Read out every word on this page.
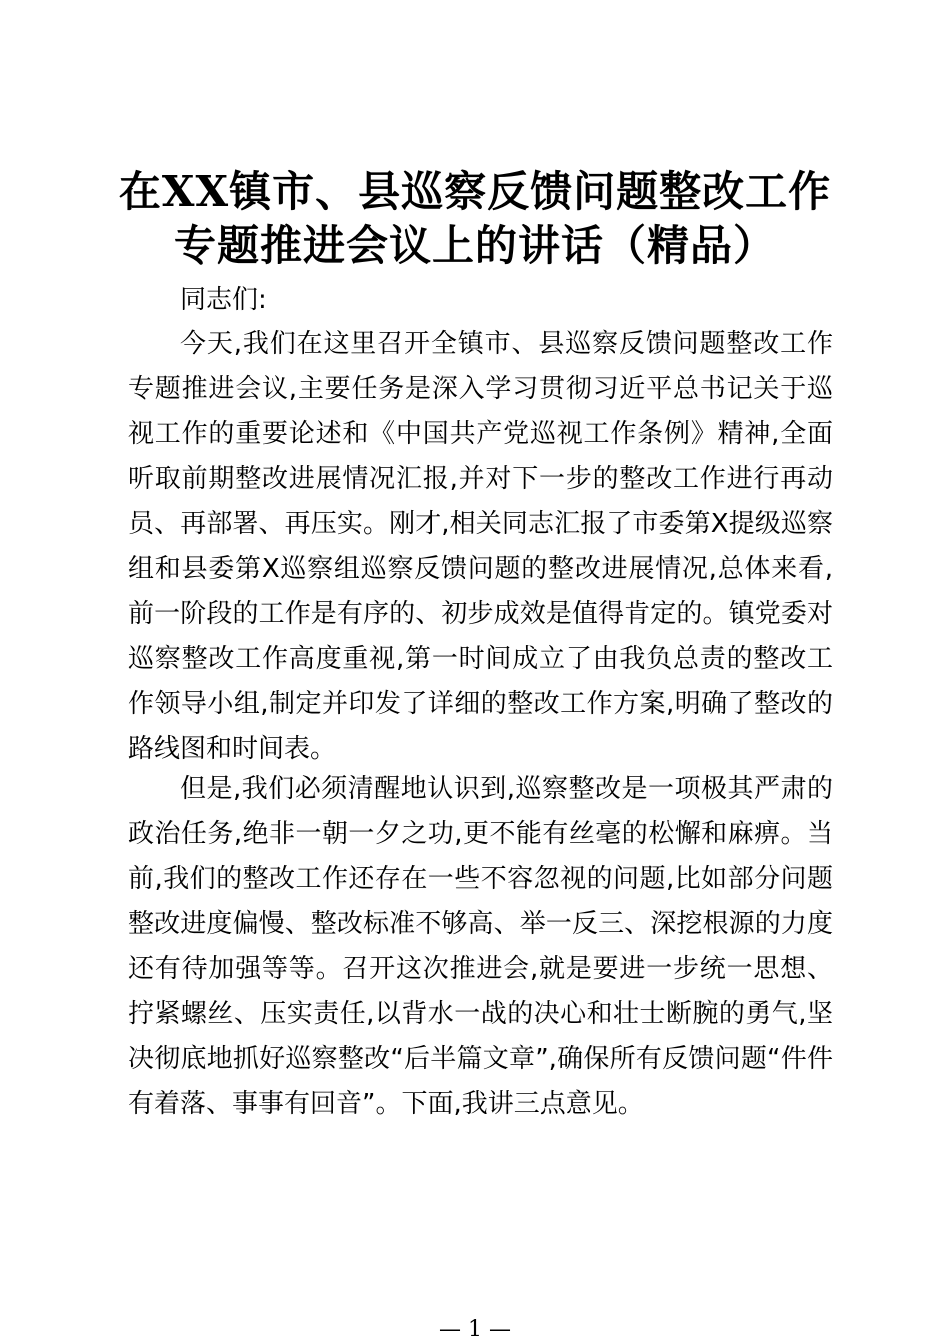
在XX镇市、县巡察反馈问题整改工作
专题推进会议上的讲话（精品）

同志们:

今天,我们在这里召开全镇市、县巡察反馈问题整改工作专题推进会议,主要任务是深入学习贯彻习近平总书记关于巡视工作的重要论述和《中国共产党巡视工作条例》精神,全面听取前期整改进展情况汇报,并对下一步的整改工作进行再动员、再部署、再压实。刚才,相关同志汇报了市委第X提级巡察组和县委第X巡察组巡察反馈问题的整改进展情况,总体来看,前一阶段的工作是有序的、初步成效是值得肯定的。镇党委对巡察整改工作高度重视,第一时间成立了由我负总责的整改工作领导小组,制定并印发了详细的整改工作方案,明确了整改的路线图和时间表。

但是,我们必须清醒地认识到,巡察整改是一项极其严肃的政治任务,绝非一朝一夕之功,更不能有丝毫的松懈和麻痹。当前,我们的整改工作还存在一些不容忽视的问题,比如部分问题整改进度偏慢、整改标准不够高、举一反三、深挖根源的力度还有待加强等等。召开这次推进会,就是要进一步统一思想、拧紧螺丝、压实责任,以背水一战的决心和壮士断腕的勇气,坚决彻底地抓好巡察整改“后半篇文章”,确保所有反馈问题“件件有着落、事事有回音”。下面,我讲三点意见。

— 1 —
